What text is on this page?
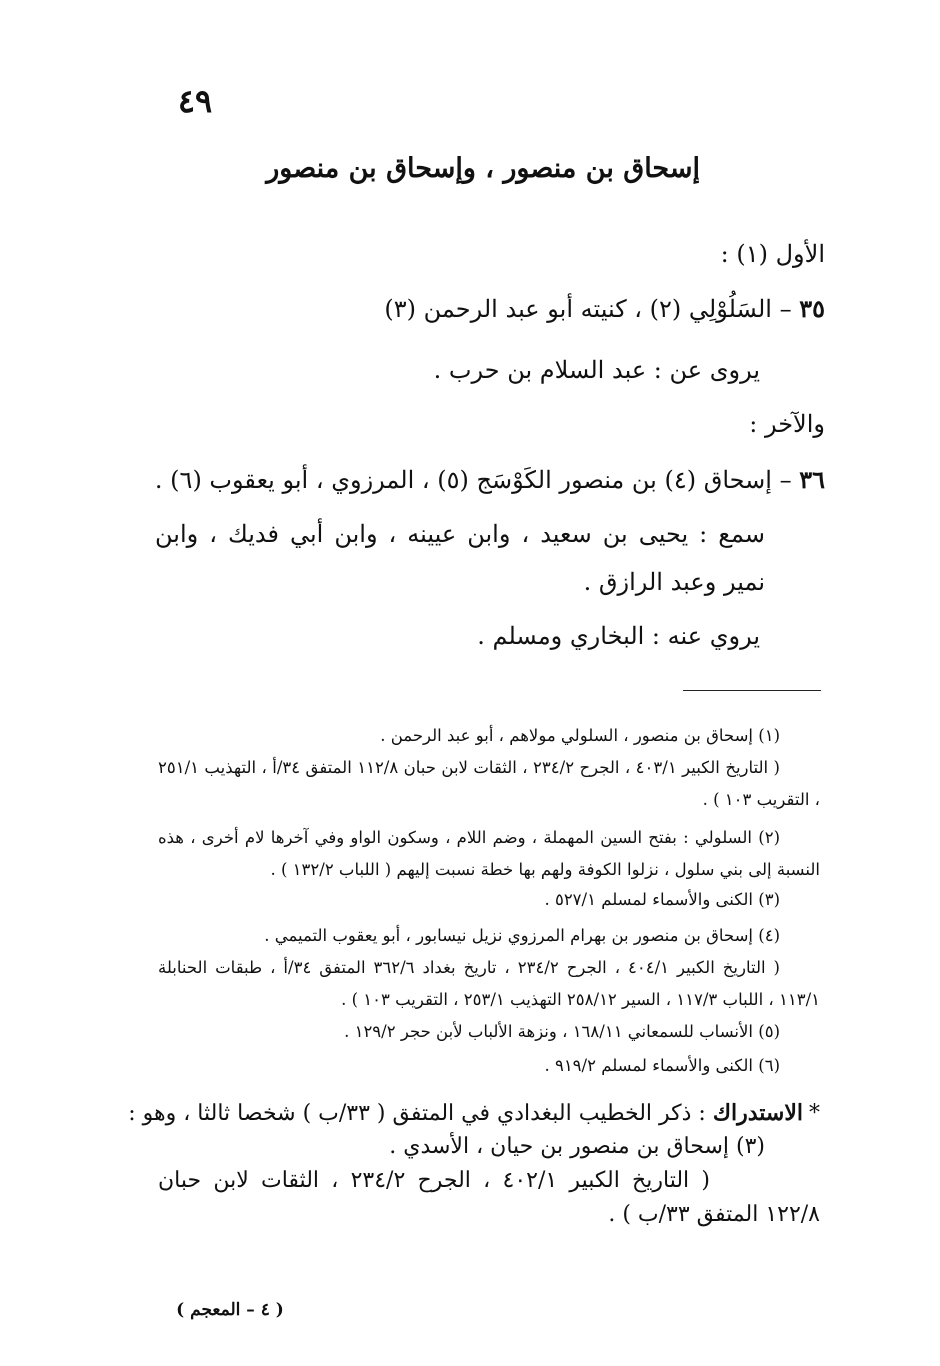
٤٩
إسحاق بن منصور ، وإسحاق بن منصور
الأول (١) :
٣٥ – السَلُوْلِي (٢) ، كنيته أبو عبد الرحمن (٣)
يروى عن : عبد السلام بن حرب .
والآخر :
٣٦ – إسحاق (٤) بن منصور الكَوْسَج (٥) ، المرزوي ، أبو يعقوب (٦) .

سمع : يحيى بن سعيد ، وابن عيينه ، وابن أبي فديك ، وابن نمير وعبد الرازق .

يروي عنه : البخاري ومسلم .
(١) إسحاق بن منصور ، السلولي مولاهم ، أبو عبد الرحمن .

( التاريخ الكبير ٤٠٣/١ ، الجرح ٢٣٤/٢ ، الثقات لابن حبان ١١٢/٨ المتفق ٣٤/أ ، التهذيب ٢٥١/١ ، التقريب ١٠٣ ) .

(٢) السلولي : بفتح السين المهملة ، وضم اللام ، وسكون الواو وفي آخرها لام أخرى ، هذه النسبة إلى بني سلول ، نزلوا الكوفة ولهم بها خطة نسبت إليهم ( اللباب ١٣٢/٢ ) .

(٣) الكنى والأسماء لمسلم ٥٢٧/١ .
(٤) إسحاق بن منصور بن بهرام المرزوي نزيل نيسابور ، أبو يعقوب التميمي .

( التاريخ الكبير ٤٠٤/١ ، الجرح ٢٣٤/٢ ، تاريخ بغداد ٣٦٢/٦ المتفق ٣٤/أ ، طبقات الحنابلة ١١٣/١ ، اللباب ١١٧/٣ ، السير ٢٥٨/١٢ التهذيب ٢٥٣/١ ، التقريب ١٠٣ ) .

(٥) الأنساب للسمعاني ١٦٨/١١ ، ونزهة الألباب لأبن حجر ١٢٩/٢ .
(٦) الكنى والأسماء لمسلم ٩١٩/٢ .
*الاستدراك : ذكر الخطيب البغدادي في المتفق ( ٣٣/ب ) شخصا ثالثا ، وهو :
(٣) إسحاق بن منصور بن حيان ، الأسدي .

( التاريخ الكبير ٤٠٢/١ ، الجرح ٢٣٤/٢ ، الثقات لابن حبان ١٢٢/٨ المتفق ٣٣/ب ) .

( ٤ – المعجم )
